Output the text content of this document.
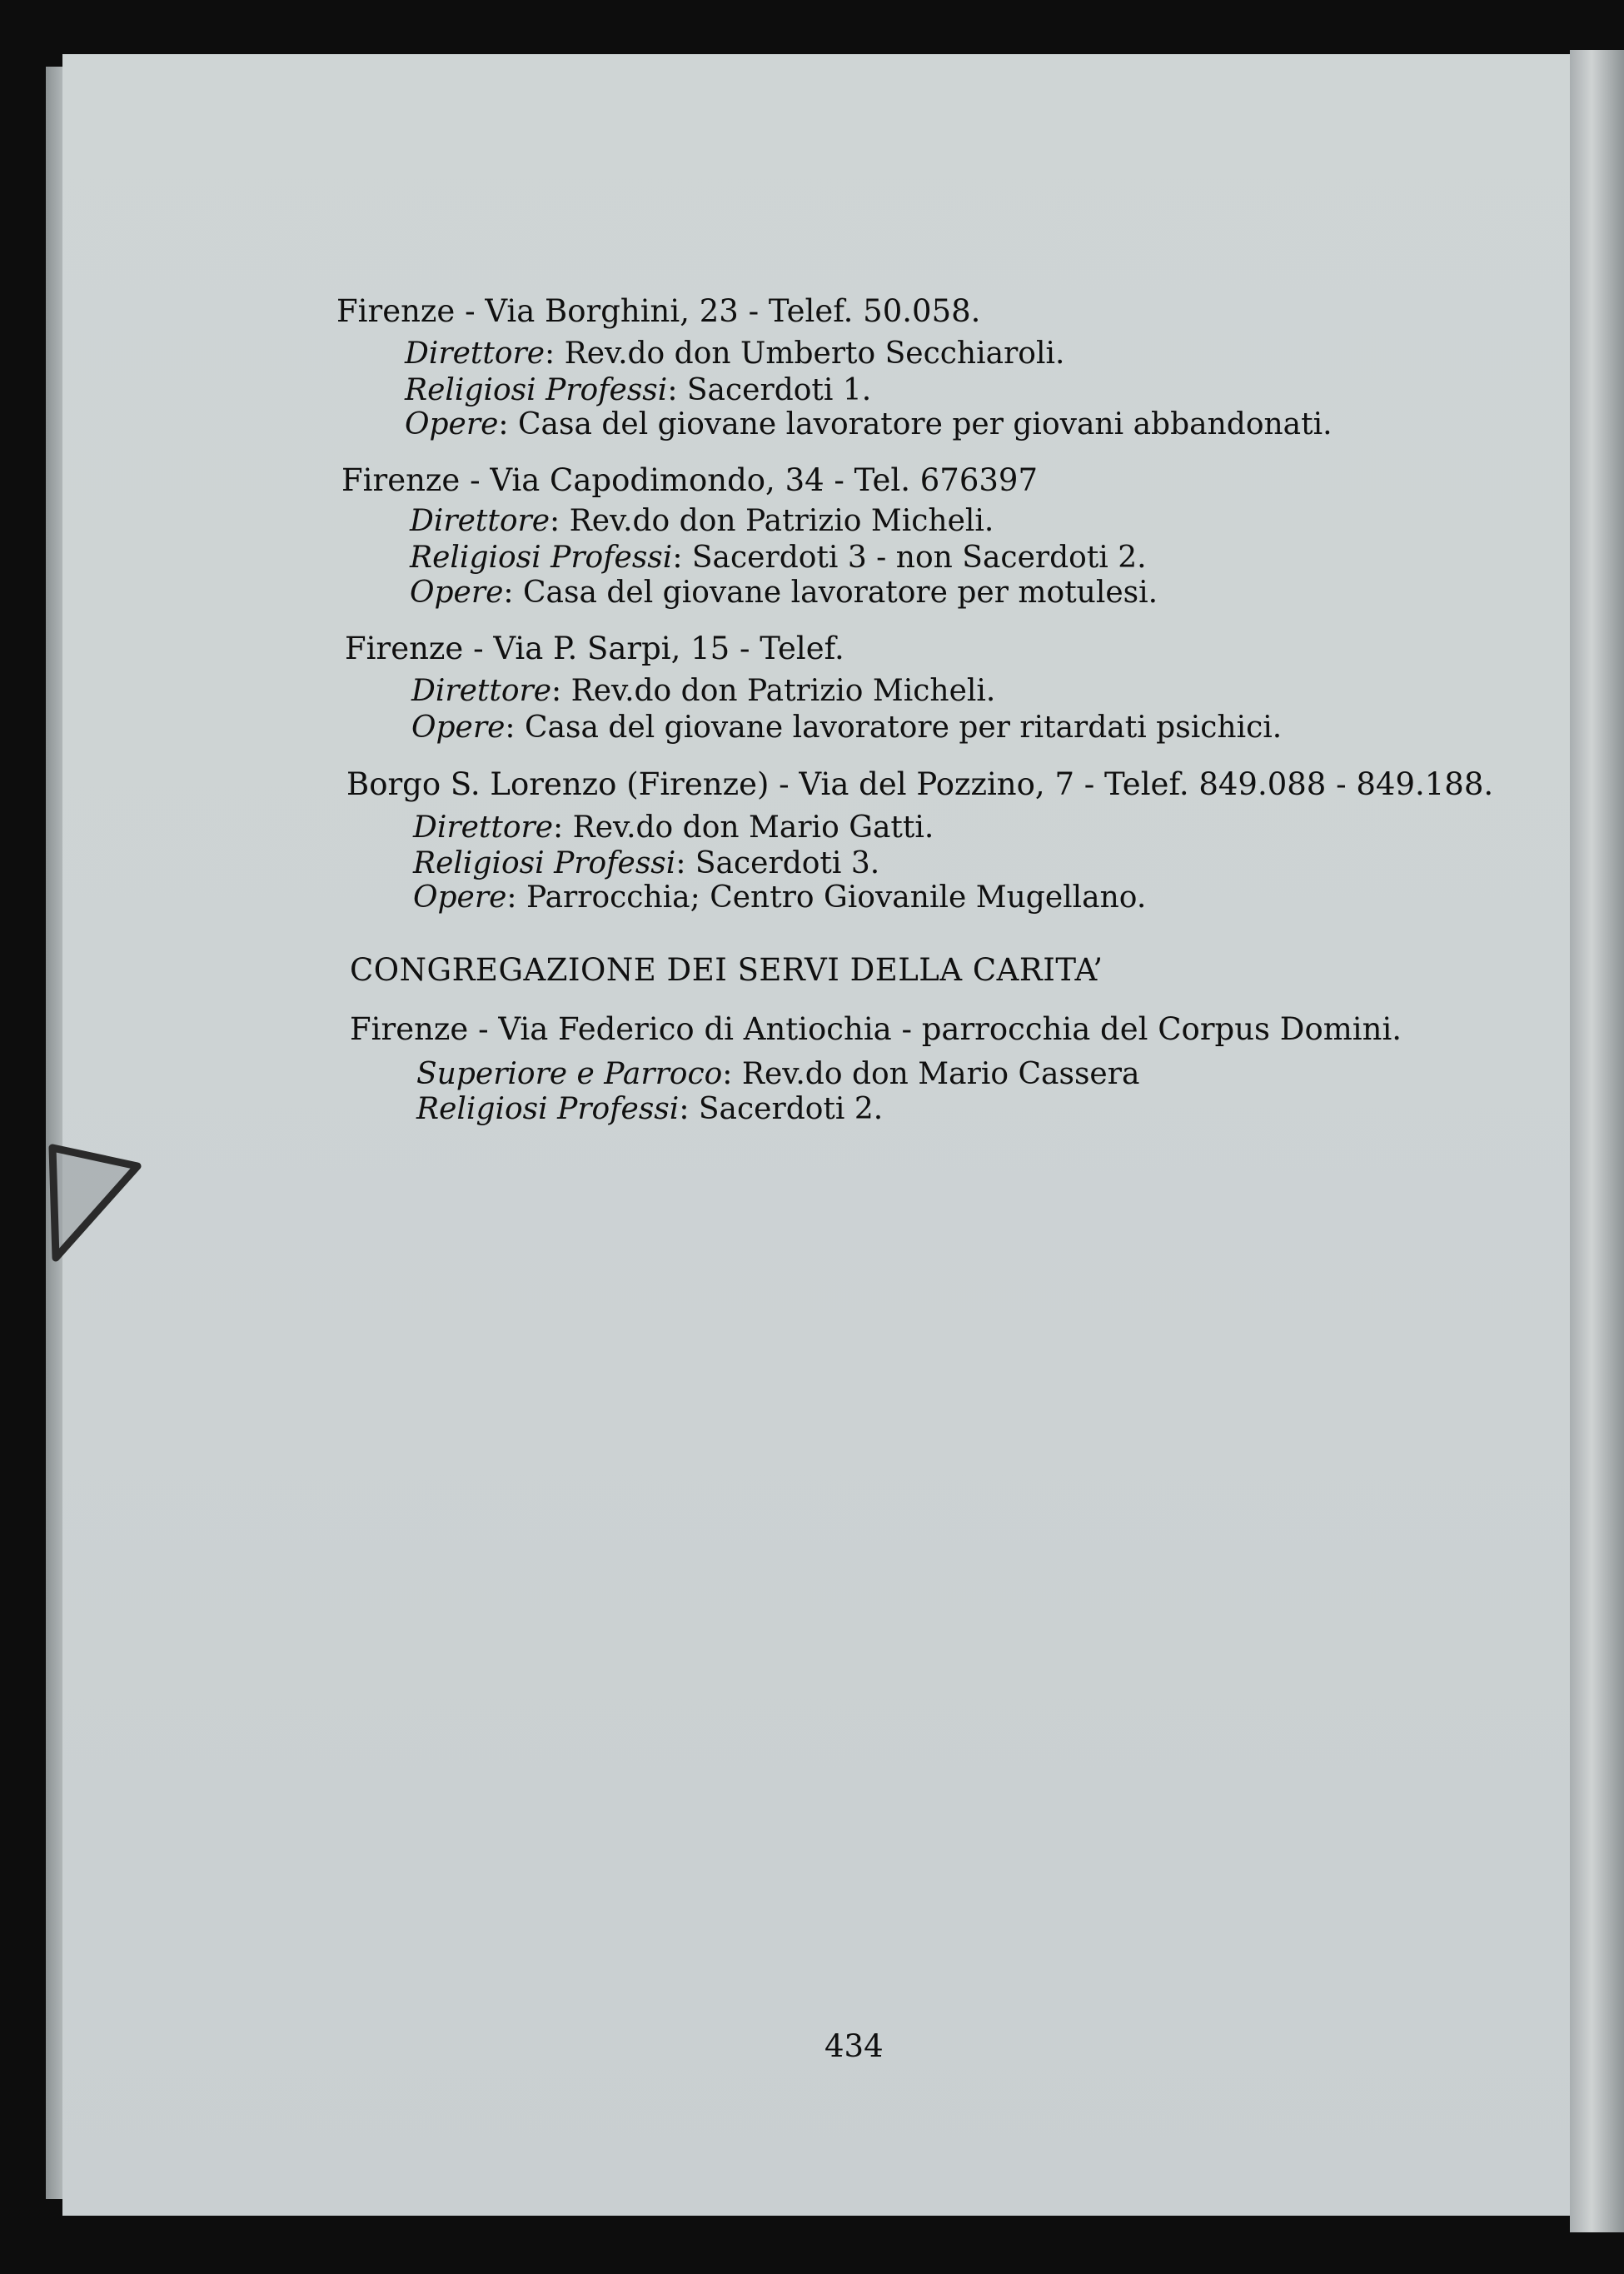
Firenze - Via Borghini, 23 - Telef. 50.058.
Direttore: Rev.do don Umberto Secchiaroli.
Religiosi Professi: Sacerdoti 1.
Opere: Casa del giovane lavoratore per giovani abbandonati.
Firenze - Via Capodimondo, 34 - Tel. 676397
Direttore: Rev.do don Patrizio Micheli.
Religiosi Professi: Sacerdoti 3 - non Sacerdoti 2.
Opere: Casa del giovane lavoratore per motulesi.
Firenze - Via P. Sarpi, 15 - Telef.
Direttore: Rev.do don Patrizio Micheli.
Opere: Casa del giovane lavoratore per ritardati psichici.
Borgo S. Lorenzo (Firenze) - Via del Pozzino, 7 - Telef. 849.088 - 849.188.
Direttore: Rev.do don Mario Gatti.
Religiosi Professi: Sacerdoti 3.
Opere: Parrocchia; Centro Giovanile Mugellano.
CONGREGAZIONE DEI SERVI DELLA CARITA’
Firenze - Via Federico di Antiochia - parrocchia del Corpus Domini.
Superiore e Parroco: Rev.do don Mario Cassera
Religiosi Professi: Sacerdoti 2.
434
